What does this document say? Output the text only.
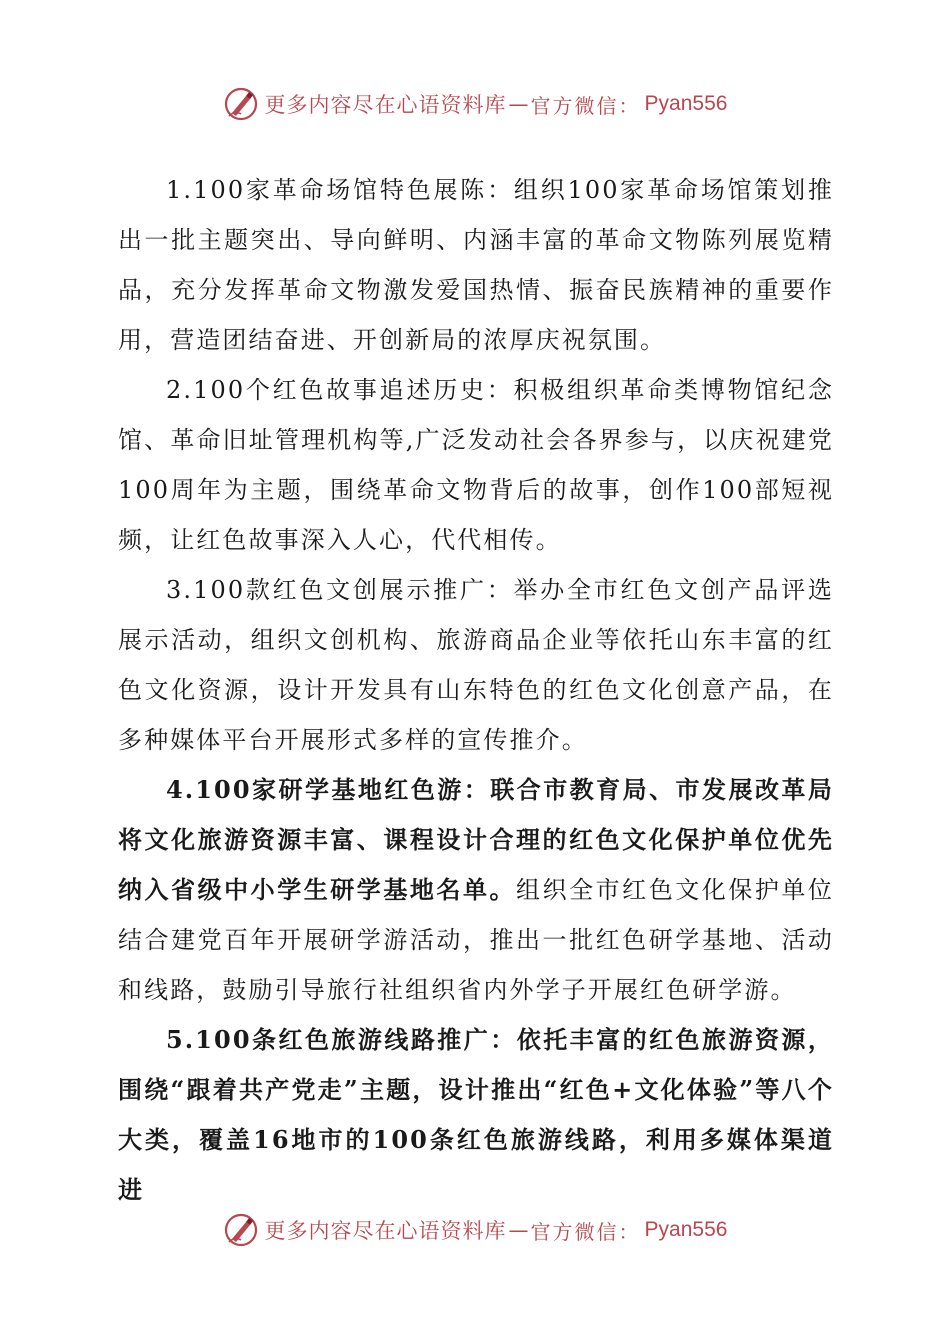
更多内容尽在心语资料库 — 官方微信： Pyan556

1.100家革命场馆特色展陈：组织100家革命场馆策划推出一批主题突出、导向鲜明、内涵丰富的革命文物陈列展览精品，充分发挥革命文物激发爱国热情、振奋民族精神的重要作用，营造团结奋进、开创新局的浓厚庆祝氛围。

2.100个红色故事追述历史：积极组织革命类博物馆纪念馆、革命旧址管理机构等,广泛发动社会各界参与，以庆祝建党100周年为主题，围绕革命文物背后的故事，创作100部短视频，让红色故事深入人心，代代相传。

3.100款红色文创展示推广：举办全市红色文创产品评选展示活动，组织文创机构、旅游商品企业等依托山东丰富的红色文化资源，设计开发具有山东特色的红色文化创意产品，在多种媒体平台开展形式多样的宣传推介。

4.100家研学基地红色游：联合市教育局、市发展改革局将文化旅游资源丰富、课程设计合理的红色文化保护单位优先纳入省级中小学生研学基地名单。组织全市红色文化保护单位结合建党百年开展研学游活动，推出一批红色研学基地、活动和线路，鼓励引导旅行社组织省内外学子开展红色研学游。

5.100条红色旅游线路推广：依托丰富的红色旅游资源，围绕“跟着共产党走”主题，设计推出“红色+文化体验”等八个大类，覆盖16地市的100条红色旅游线路，利用多媒体渠道进

更多内容尽在心语资料库 — 官方微信： Pyan556
